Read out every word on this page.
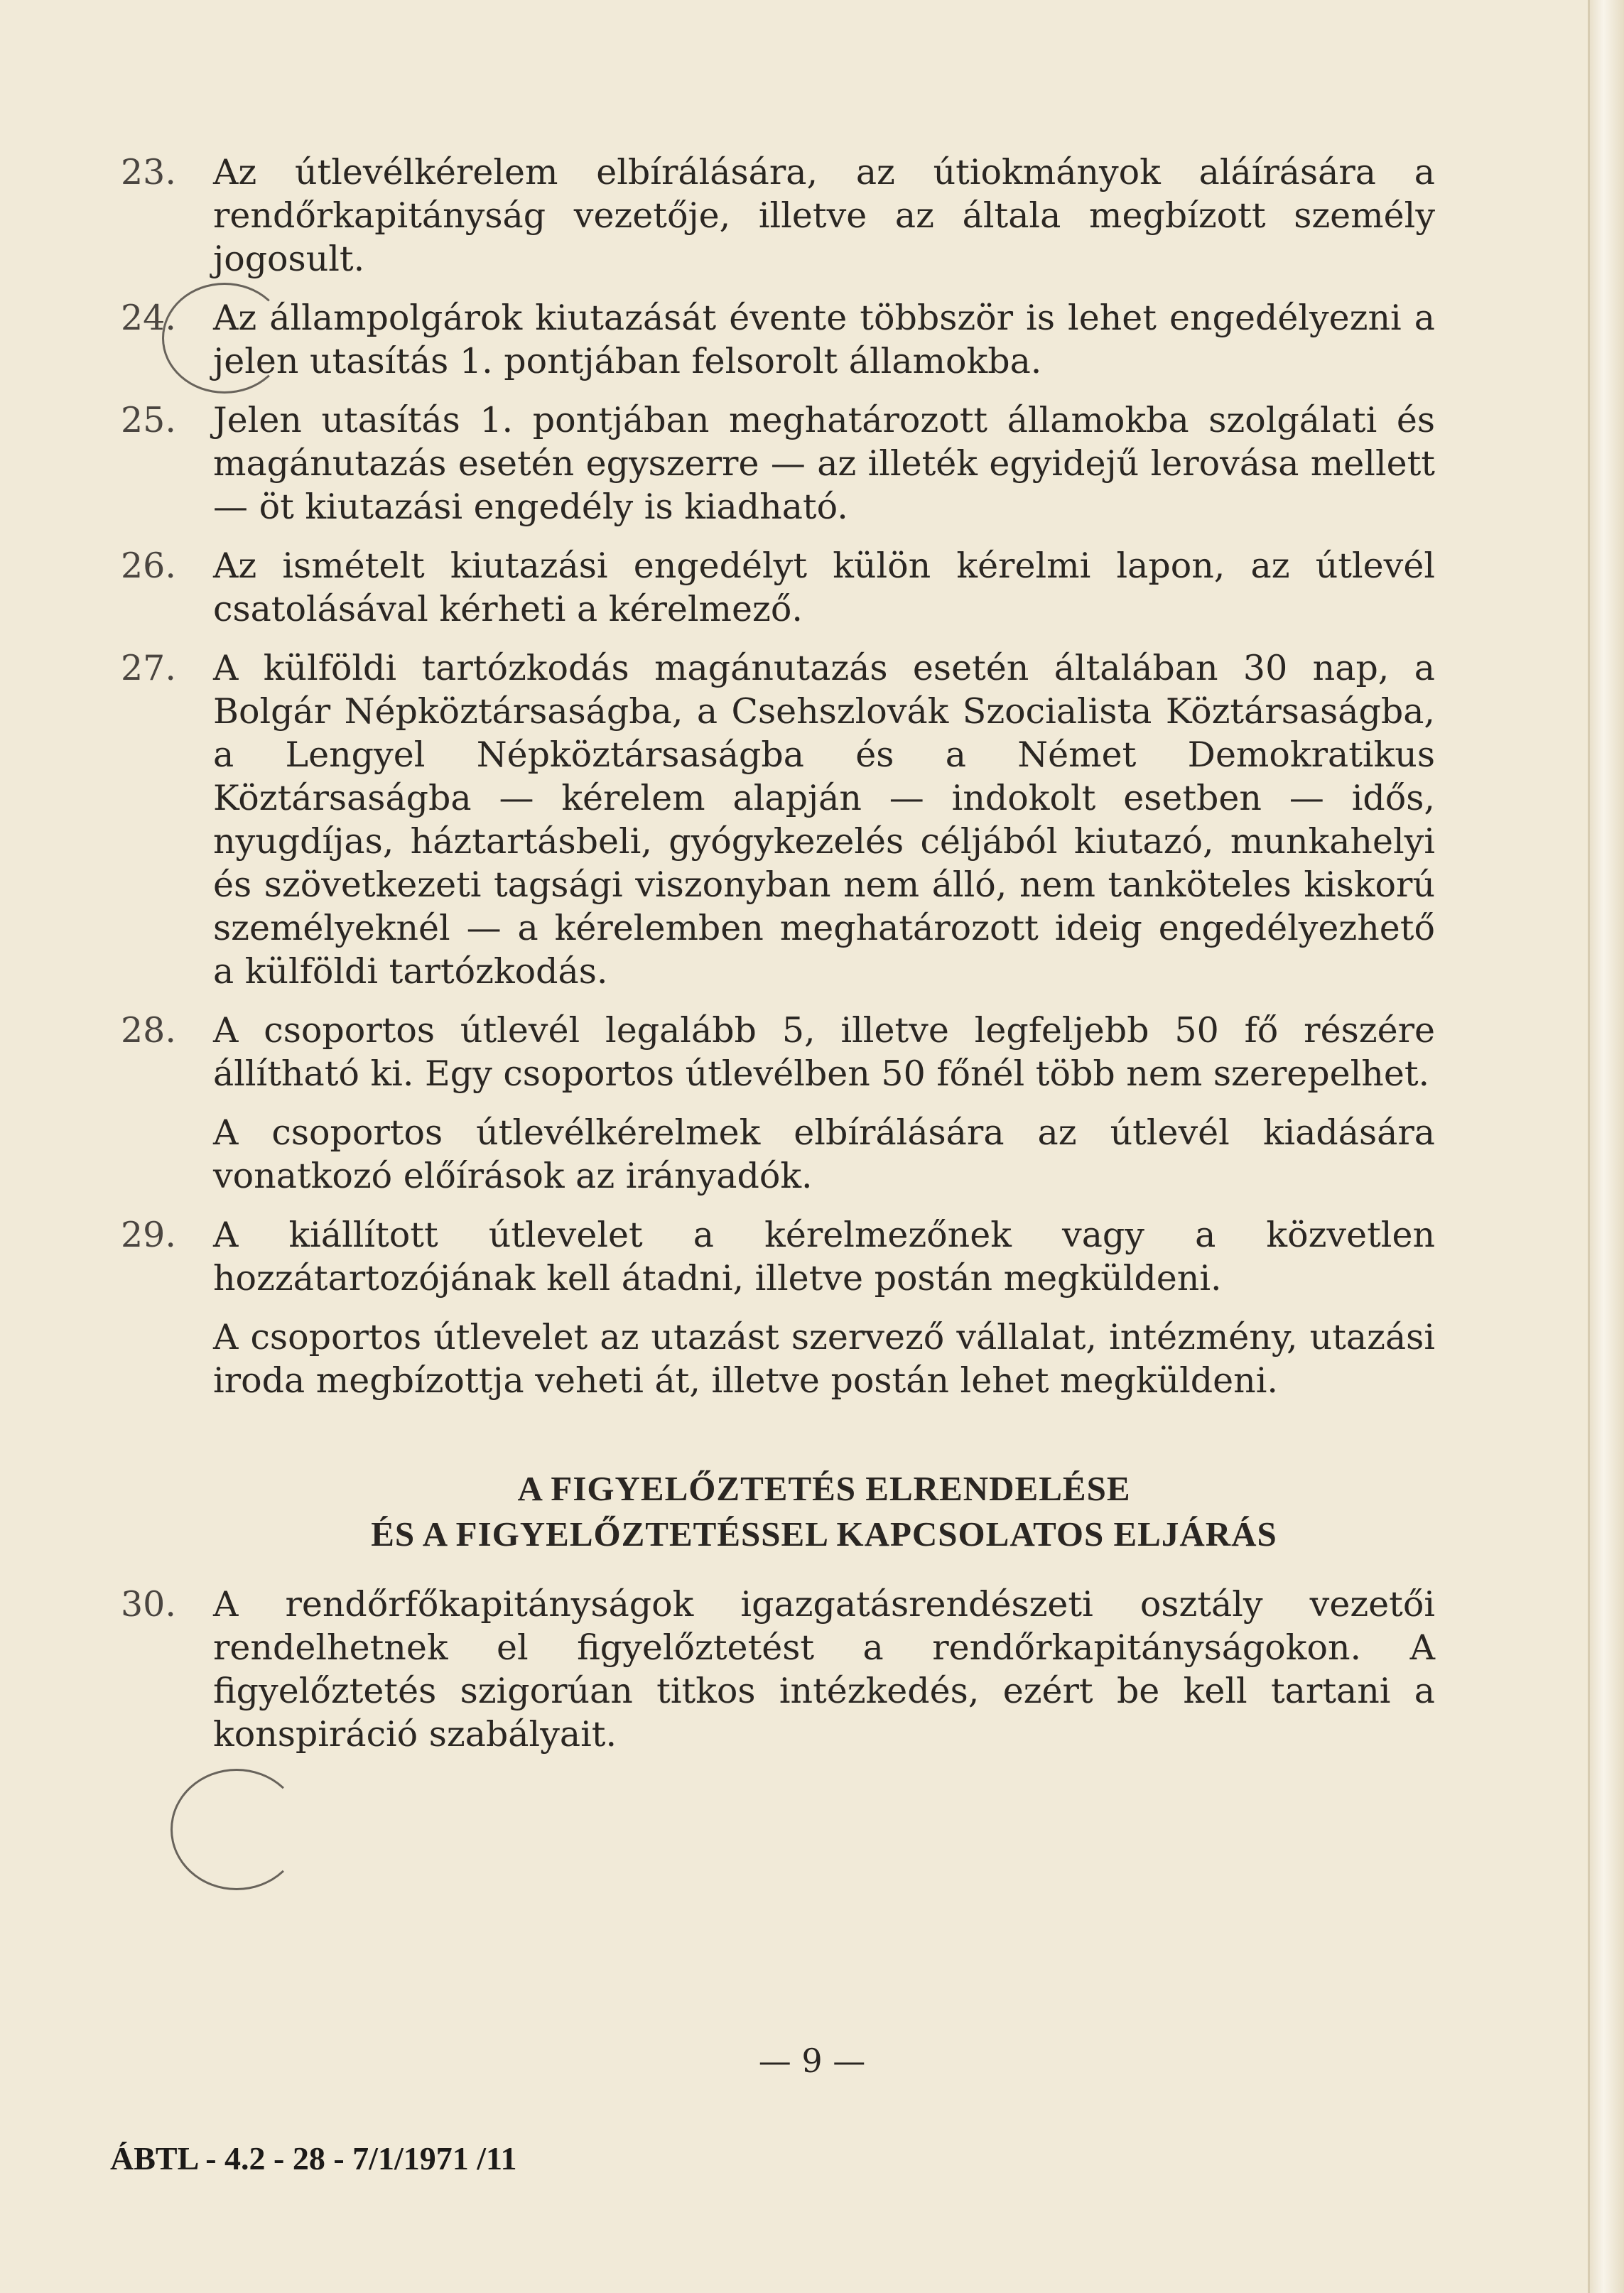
23.	Az útlevélkérelem elbírálására, az útiokmányok aláírására a rendőrkapitányság vezetője, illetve az általa megbízott személy jogosult.
24.	Az állampolgárok kiutazását évente többször is lehet engedélyezni a jelen utasítás 1. pontjában felsorolt államokba.
25.	Jelen utasítás 1. pontjában meghatározott államokba szolgálati és magánutazás esetén egyszerre — az illeték egyidejű lerovása mellett — öt kiutazási engedély is kiadható.
26.	Az ismételt kiutazási engedélyt külön kérelmi lapon, az útlevél csatolásával kérheti a kérelmező.
27.	A külföldi tartózkodás magánutazás esetén általában 30 nap, a Bolgár Népköztársaságba, a Csehszlovák Szocialista Köztársaságba, a Lengyel Népköztársaságba és a Német Demokratikus Köztársaságba — kérelem alapján — indokolt esetben — idős, nyugdíjas, háztartásbeli, gyógykezelés céljából kiutazó, munkahelyi és szövetkezeti tagsági viszonyban nem álló, nem tanköteles kiskorú személyeknél — a kérelemben meghatározott ideig engedélyezhető a külföldi tartózkodás.
28.	A csoportos útlevél legalább 5, illetve legfeljebb 50 fő részére állítható ki. Egy csoportos útlevélben 50 főnél több nem szerepelhet.
A csoportos útlevélkérelmek elbírálására az útlevél kiadására vonatkozó előírások az irányadók.
29.	A kiállított útlevelet a kérelmezőnek vagy a közvetlen hozzátartozójának kell átadni, illetve postán megküldeni.
A csoportos útlevelet az utazást szervező vállalat, intézmény, utazási iroda megbízottja veheti át, illetve postán lehet megküldeni.
A FIGYELŐZTETÉS ELRENDELÉSE
ÉS A FIGYELŐZTETÉSSEL KAPCSOLATOS ELJÁRÁS
30.	A rendőrfőkapitányságok igazgatásrendészeti osztály vezetői rendelhetnek el figyelőztetést a rendőrkapitányságokon. A figyelőztetés szigorúan titkos intézkedés, ezért be kell tartani a konspiráció szabályait.
— 9 —
ÁBTL - 4.2 - 28 - 7/1/1971 /11
